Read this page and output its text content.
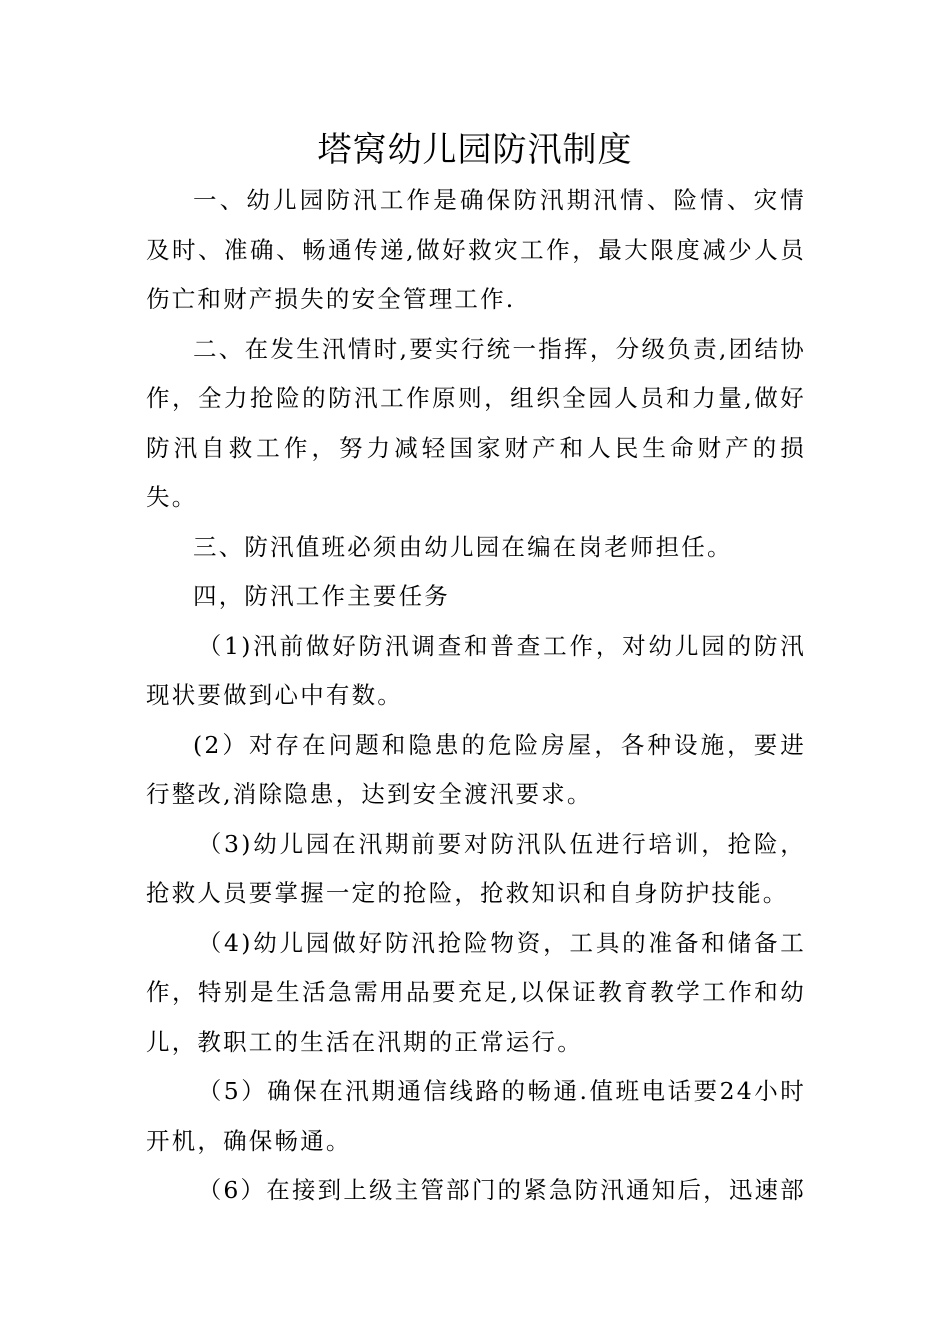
塔窝幼儿园防汛制度

一、幼儿园防汛工作是确保防汛期汛情、险情、灾情及时、准确、畅通传递,做好救灾工作，最大限度减少人员伤亡和财产损失的安全管理工作.

二、在发生汛情时,要实行统一指挥，分级负责,团结协作，全力抢险的防汛工作原则，组织全园人员和力量,做好防汛自救工作，努力减轻国家财产和人民生命财产的损失。

三、防汛值班必须由幼儿园在编在岗老师担任。

四，防汛工作主要任务

（1)汛前做好防汛调查和普查工作，对幼儿园的防汛现状要做到心中有数。

(2）对存在问题和隐患的危险房屋，各种设施，要进行整改,消除隐患，达到安全渡汛要求。

（3)幼儿园在汛期前要对防汛队伍进行培训，抢险，抢救人员要掌握一定的抢险，抢救知识和自身防护技能。

（4)幼儿园做好防汛抢险物资，工具的准备和储备工作，特别是生活急需用品要充足,以保证教育教学工作和幼儿，教职工的生活在汛期的正常运行。

（5）确保在汛期通信线路的畅通.值班电话要24小时开机，确保畅通。

（6）在接到上级主管部门的紧急防汛通知后，迅速部
